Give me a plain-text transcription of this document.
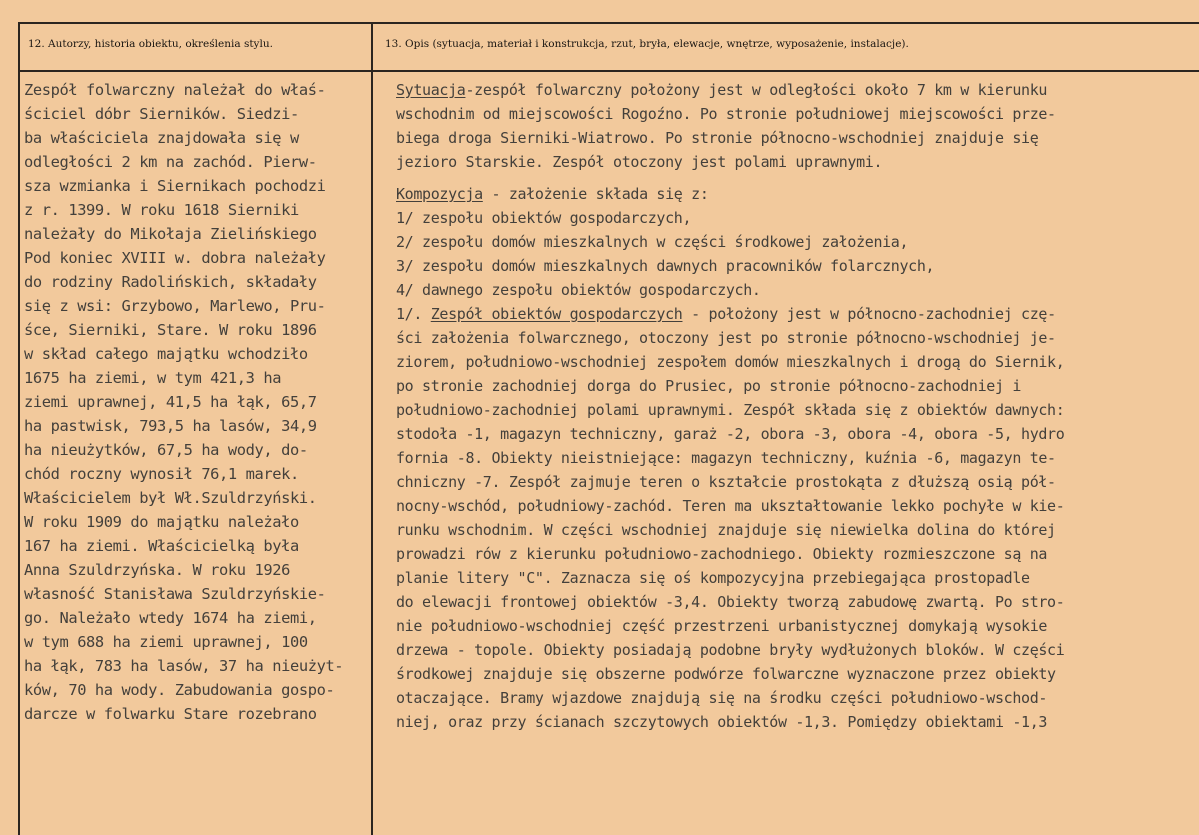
12. Autorzy, historia obiektu, określenia stylu.	13. Opis (sytuacja, materiał i konstrukcja, rzut, bryła, elewacje, wnętrze, wyposażenie, instalacje).
Zespół folwarczny należał do właś-
ściciel dóbr Sierników. Siedzi-
ba właściciela znajdowała się w
odległości 2 km na zachód. Pierw-
sza wzmianka i Siernikach pochodzi
z r. 1399. W roku 1618 Sierniki
należały do Mikołaja Zielińskiego
Pod koniec XVIII w. dobra należały
do rodziny Radolińskich, składały
się z wsi: Grzybowo, Marlewo, Pru-
śce, Sierniki, Stare. W roku 1896
w skład całego majątku wchodziło
1675 ha ziemi, w tym 421,3 ha
ziemi uprawnej, 41,5 ha łąk, 65,7
ha pastwisk, 793,5 ha lasów, 34,9
ha nieużytków, 67,5 ha wody, do-
chód roczny wynosił 76,1 marek.
Właścicielem był Wł.Szuldrzyński.
W roku 1909 do majątku należało
167 ha ziemi. Właścicielką była
Anna Szuldrzyńska. W roku 1926
własność Stanisława Szuldrzyńskie-
go. Należało wtedy 1674 ha ziemi,
w tym 688 ha ziemi uprawnej, 100
ha łąk, 783 ha lasów, 37 ha nieużyt-
ków, 70 ha wody. Zabudowania gospo-
darcze w folwarku Stare rozebrano
Sytuacja-zespół folwarczny położony jest w odległości około 7 km w kierunku
wschodnim od miejscowości Rogoźno. Po stronie południowej miejscowości prze-
biega droga Sierniki-Wiatrowo. Po stronie północno-wschodniej znajduje się
jezioro Starskie. Zespół otoczony jest polami uprawnymi.
Kompozycja - założenie składa się z:
1/ zespołu obiektów gospodarczych,
2/ zespołu domów mieszkalnych w części środkowej założenia,
3/ zespołu domów mieszkalnych dawnych pracowników folarcznych,
4/ dawnego zespołu obiektów gospodarczych.
1/. Zespół obiektów gospodarczych - położony jest w północno-zachodniej czę-
ści założenia folwarcznego, otoczony jest po stronie północno-wschodniej je-
ziorem, południowo-wschodniej zespołem domów mieszkalnych i drogą do Siernik,
po stronie zachodniej dorga do Prusiec, po stronie północno-zachodniej i
południowo-zachodniej polami uprawnymi. Zespół składa się z obiektów dawnych:
stodoła -1, magazyn techniczny, garaż -2, obora -3, obora -4, obora -5, hydro
fornia -8. Obiekty nieistniejące: magazyn techniczny, kuźnia -6, magazyn te-
chniczny -7. Zespół zajmuje teren o kształcie prostokąta z dłuższą osią pół-
nocny-wschód, południowy-zachód. Teren ma ukształtowanie lekko pochyłe w kie-
runku wschodnim. W części wschodniej znajduje się niewielka dolina do której
prowadzi rów z kierunku południowo-zachodniego. Obiekty rozmieszczone są na
planie litery "C". Zaznacza się oś kompozycyjna przebiegająca prostopadle
do elewacji frontowej obiektów -3,4. Obiekty tworzą zabudowę zwartą. Po stro-
nie południowo-wschodniej część przestrzeni urbanistycznej domykają wysokie
drzewa - topole. Obiekty posiadają podobne bryły wydłużonych bloków. W części
środkowej znajduje się obszerne podwórze folwarczne wyznaczone przez obiekty
otaczające. Bramy wjazdowe znajdują się na środku części południowo-wschod-
niej, oraz przy ścianach szczytowych obiektów -1,3. Pomiędzy obiektami -1,3
